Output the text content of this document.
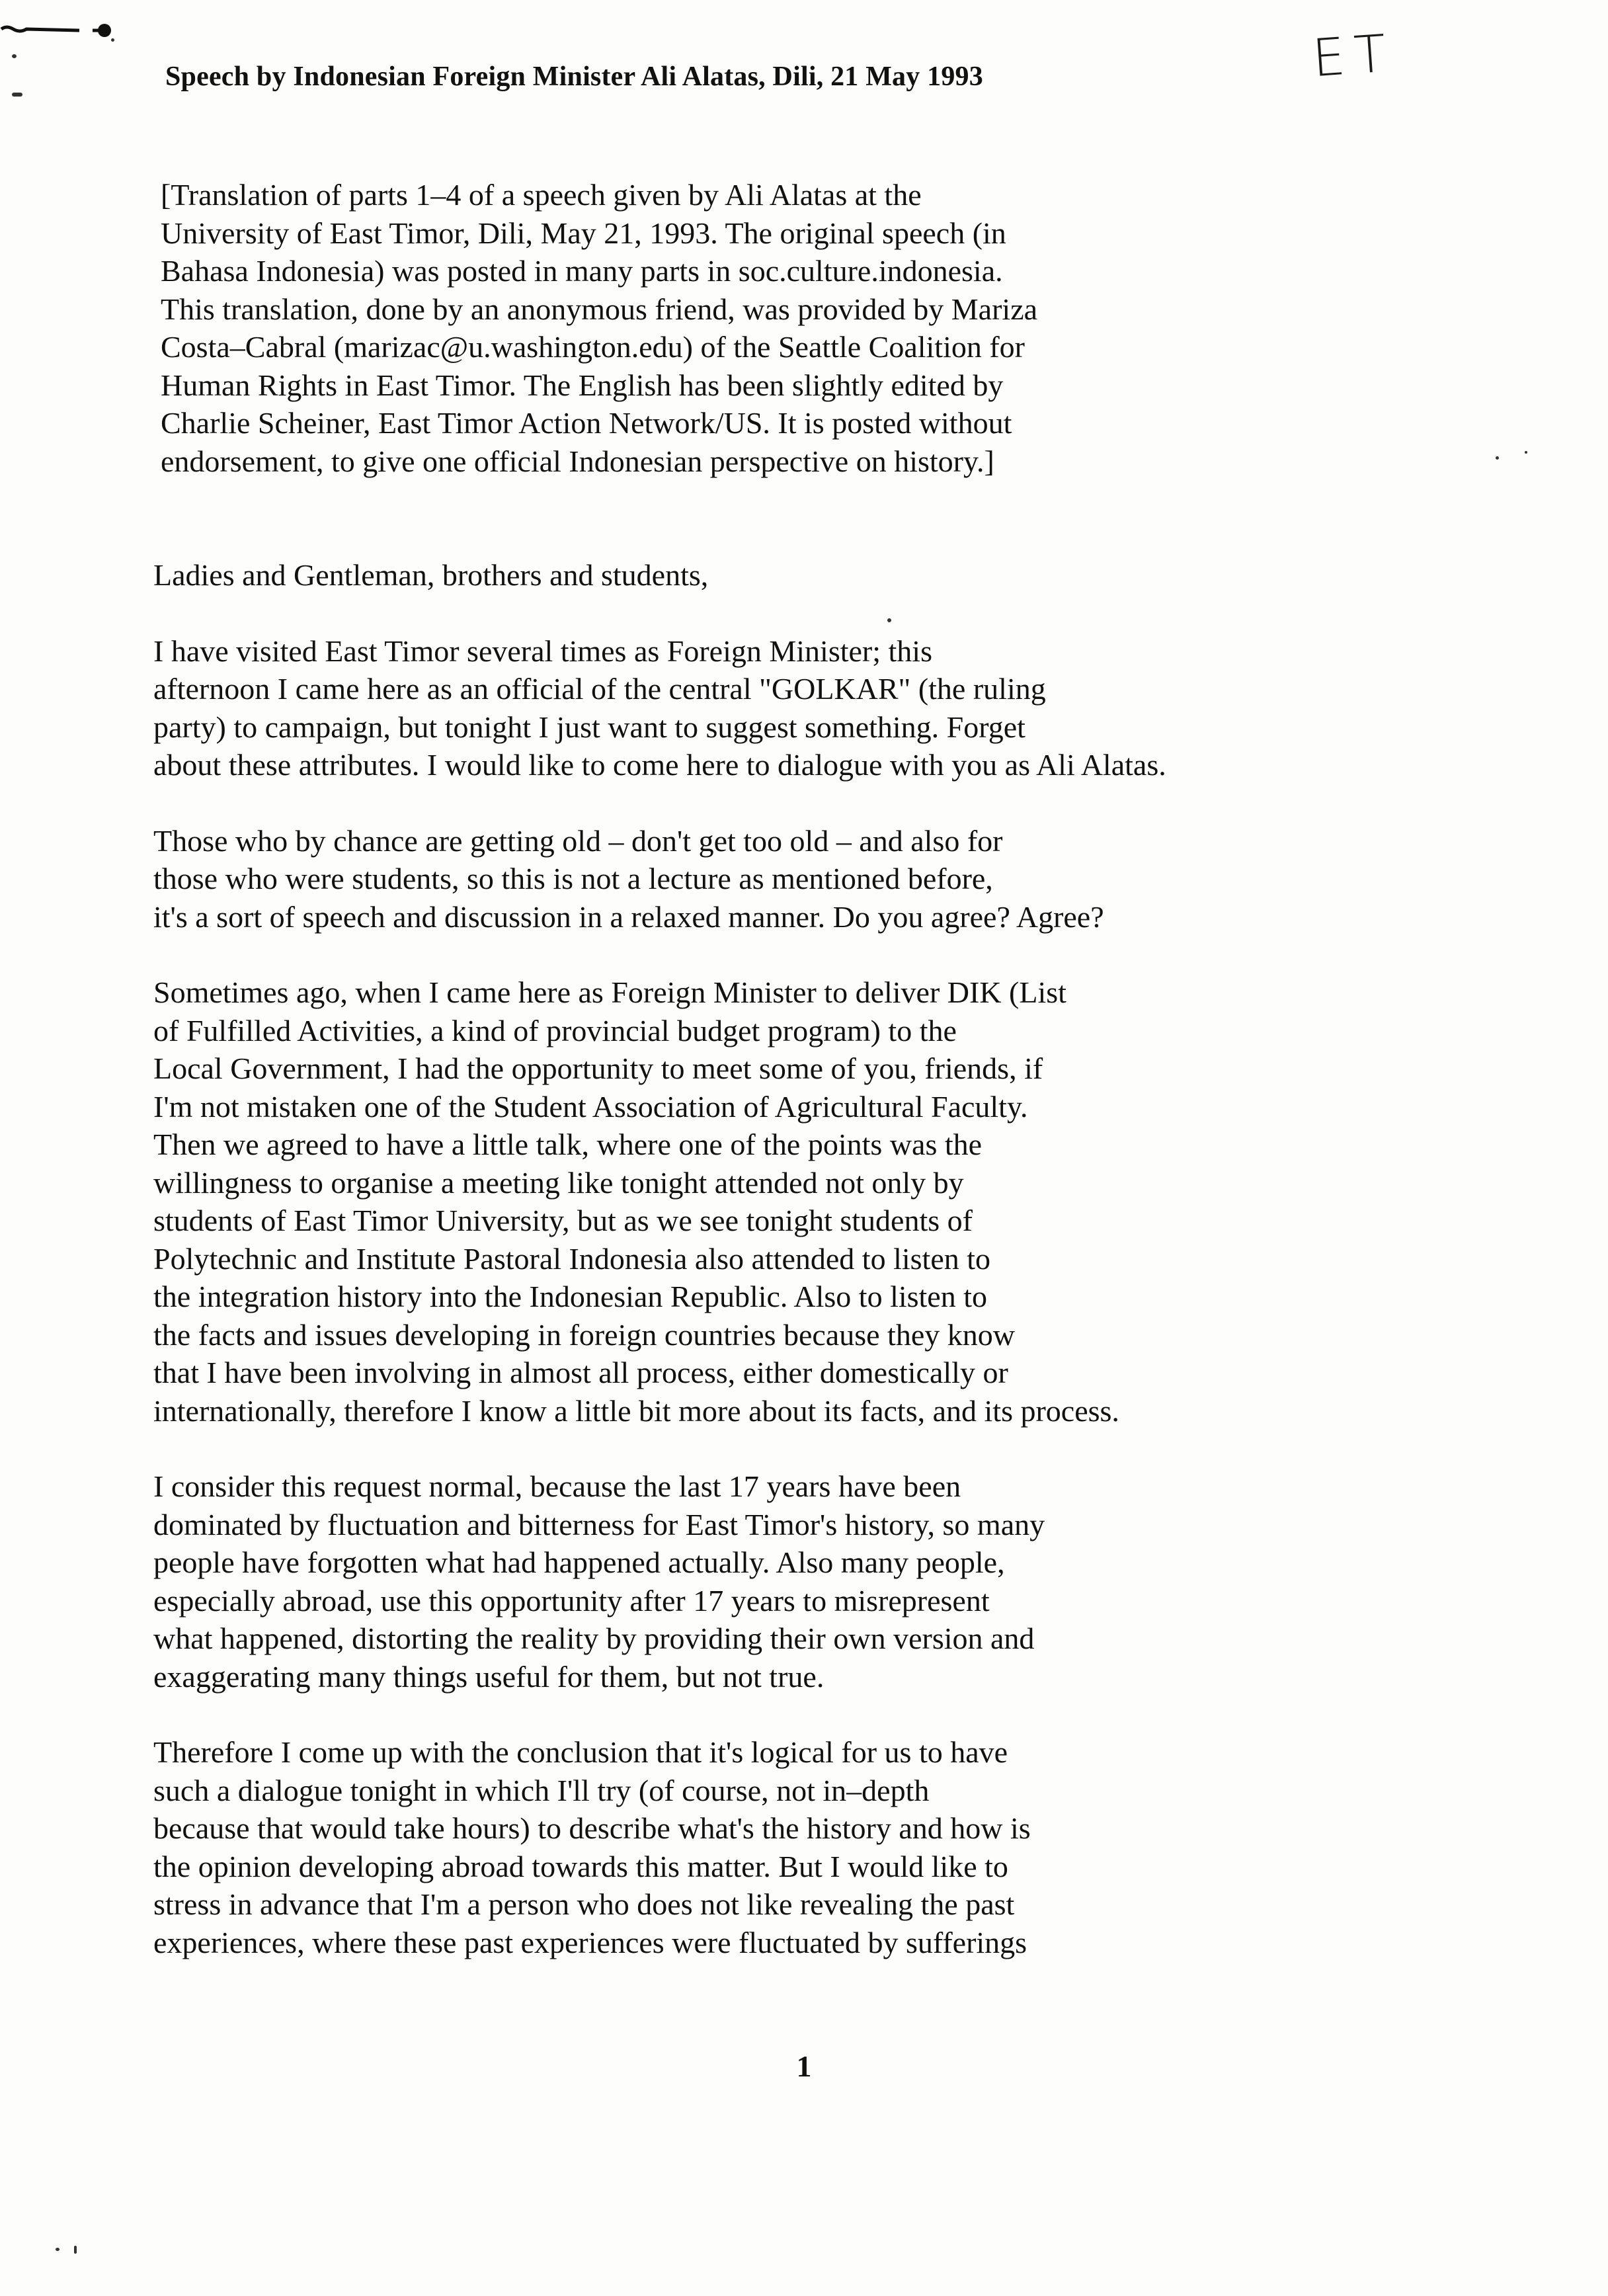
Speech by Indonesian Foreign Minister Ali Alatas, Dili, 21 May 1993	ET

[Translation of parts 1–4 of a speech given by Ali Alatas at the
University of East Timor, Dili, May 21, 1993. The original speech (in
Bahasa Indonesia) was posted in many parts in soc.culture.indonesia.
This translation, done by an anonymous friend, was provided by Mariza
Costa–Cabral (marizac@u.washington.edu) of the Seattle Coalition for
Human Rights in East Timor. The English has been slightly edited by
Charlie Scheiner, East Timor Action Network/US. It is posted without
endorsement, to give one official Indonesian perspective on history.]

Ladies and Gentleman, brothers and students,

I have visited East Timor several times as Foreign Minister; this
afternoon I came here as an official of the central "GOLKAR" (the ruling
party) to campaign, but tonight I just want to suggest something. Forget
about these attributes. I would like to come here to dialogue with you as Ali Alatas.

Those who by chance are getting old – don't get too old – and also for
those who were students, so this is not a lecture as mentioned before,
it's a sort of speech and discussion in a relaxed manner. Do you agree? Agree?

Sometimes ago, when I came here as Foreign Minister to deliver DIK (List
of Fulfilled Activities, a kind of provincial budget program) to the
Local Government, I had the opportunity to meet some of you, friends, if
I'm not mistaken one of the Student Association of Agricultural Faculty.
Then we agreed to have a little talk, where one of the points was the
willingness to organise a meeting like tonight attended not only by
students of East Timor University, but as we see tonight students of
Polytechnic and Institute Pastoral Indonesia also attended to listen to
the integration history into the Indonesian Republic. Also to listen to
the facts and issues developing in foreign countries because they know
that I have been involving in almost all process, either domestically or
internationally, therefore I know a little bit more about its facts, and its process.

I consider this request normal, because the last 17 years have been
dominated by fluctuation and bitterness for East Timor's history, so many
people have forgotten what had happened actually. Also many people,
especially abroad, use this opportunity after 17 years to misrepresent
what happened, distorting the reality by providing their own version and
exaggerating many things useful for them, but not true.

Therefore I come up with the conclusion that it's logical for us to have
such a dialogue tonight in which I'll try (of course, not in–depth
because that would take hours) to describe what's the history and how is
the opinion developing abroad towards this matter. But I would like to
stress in advance that I'm a person who does not like revealing the past
experiences, where these past experiences were fluctuated by sufferings

1
